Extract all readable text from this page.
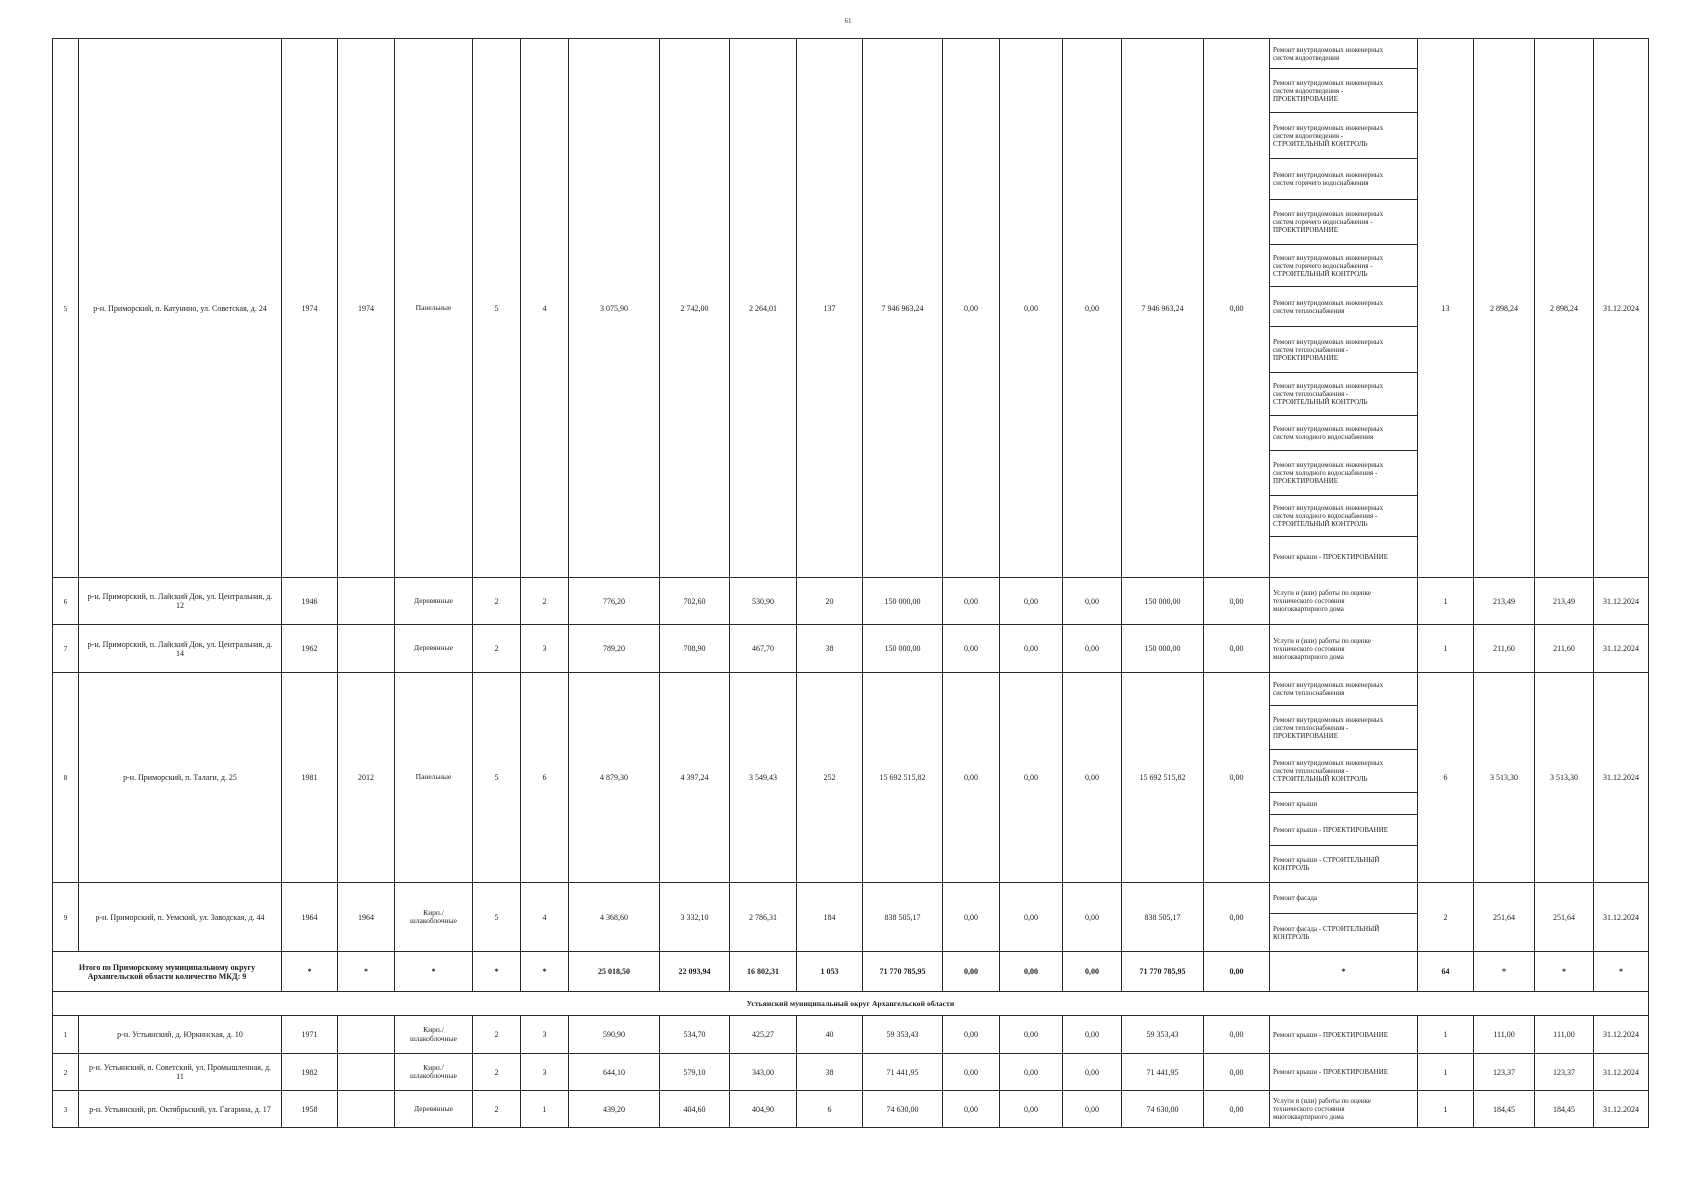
61
5	р-н. Приморский, п. Катунино, ул. Советская, д. 24	1974	1974	Панельные	5	4	3 075,90	2 742,00	2 264,01	137	7 946 963,24	0,00	0,00	0,00	7 946 963,24	0,00	Ремонт внутридомовых инженерных систем водоотведения	13	2 898,24	2 898,24	31.12.2024
																	Ремонт внутридомовых инженерных систем водоотведения - ПРОЕКТИРОВАНИЕ				
																	Ремонт внутридомовых инженерных систем водоотведения - СТРОИТЕЛЬНЫЙ КОНТРОЛЬ				
																	Ремонт внутридомовых инженерных систем горячего водоснабжения				
																	Ремонт внутридомовых инженерных систем горячего водоснабжения - ПРОЕКТИРОВАНИЕ				
																	Ремонт внутридомовых инженерных систем горячего водоснабжения - СТРОИТЕЛЬНЫЙ КОНТРОЛЬ				
																	Ремонт внутридомовых инженерных систем теплоснабжения				
																	Ремонт внутридомовых инженерных систем теплоснабжения - ПРОЕКТИРОВАНИЕ				
																	Ремонт внутридомовых инженерных систем теплоснабжения - СТРОИТЕЛЬНЫЙ КОНТРОЛЬ				
																	Ремонт внутридомовых инженерных систем холодного водоснабжения				
																	Ремонт внутридомовых инженерных систем холодного водоснабжения - ПРОЕКТИРОВАНИЕ				
																	Ремонт внутридомовых инженерных систем холодного водоснабжения - СТРОИТЕЛЬНЫЙ КОНТРОЛЬ				
																	Ремонт крыши - ПРОЕКТИРОВАНИЕ				
6	р-н. Приморский, п. Лайский Док, ул. Центральная, д. 12	1946		Деревянные	2	2	776,20	702,60	530,90	20	150 000,00	0,00	0,00	0,00	150 000,00	0,00	Услуги и (или) работы по оценке технического состояния многоквартирного дома	1	213,49	213,49	31.12.2024
7	р-н. Приморский, п. Лайский Док, ул. Центральная, д. 14	1962		Деревянные	2	3	789,20	708,90	467,70	38	150 000,00	0,00	0,00	0,00	150 000,00	0,00	Услуги и (или) работы по оценке технического состояния многоквартирного дома	1	211,60	211,60	31.12.2024
8	р-н. Приморский, п. Талаги, д. 25	1981	2012	Панельные	5	6	4 879,30	4 397,24	3 549,43	252	15 692 515,82	0,00	0,00	0,00	15 692 515,82	0,00	Ремонт внутридомовых инженерных систем теплоснабжения	6	3 513,30	3 513,30	31.12.2024
																	Ремонт внутридомовых инженерных систем теплоснабжения - ПРОЕКТИРОВАНИЕ				
																	Ремонт внутридомовых инженерных систем теплоснабжения - СТРОИТЕЛЬНЫЙ КОНТРОЛЬ				
																	Ремонт крыши				
																	Ремонт крыши - ПРОЕКТИРОВАНИЕ				
																	Ремонт крыши - СТРОИТЕЛЬНЫЙ КОНТРОЛЬ				
9	р-н. Приморский, п. Уемский, ул. Заводская, д. 44	1964	1964	Кирп./ шлакоблочные	5	4	4 368,60	3 332,10	2 786,31	184	838 505,17	0,00	0,00	0,00	838 505,17	0,00	Ремонт фасада	2	251,64	251,64	31.12.2024
																	Ремонт фасада - СТРОИТЕЛЬНЫЙ КОНТРОЛЬ				
Итого по Приморскому муниципальному округу Архангельской области количество МКД: 9		*	*	*	*	*	25 018,50	22 093,94	16 802,31	1 053	71 770 785,95	0,00	0,00	0,00	71 770 785,95	0,00	*	64	*	*	*
Устьянский муниципальный округ Архангельской области																					
1	р-н. Устьянский, д. Юркинская, д. 10	1971		Кирп./ шлакоблочные	2	3	590,90	534,70	425,27	40	59 353,43	0,00	0,00	0,00	59 353,43	0,00	Ремонт крыши - ПРОЕКТИРОВАНИЕ	1	111,00	111,00	31.12.2024
2	р-н. Устьянский, п. Советский, ул. Промышленная, д. 11	1982		Кирп./ шлакоблочные	2	3	644,10	579,10	343,00	38	71 441,95	0,00	0,00	0,00	71 441,95	0,00	Ремонт крыши - ПРОЕКТИРОВАНИЕ	1	123,37	123,37	31.12.2024
3	р-н. Устьянский, рп. Октябрьский, ул. Гагарина, д. 17	1958		Деревянные	2	1	439,20	404,60	404,90	6	74 630,00	0,00	0,00	0,00	74 630,00	0,00	Услуги и (или) работы по оценке технического состояния многоквартирного дома	1	184,45	184,45	31.12.2024
